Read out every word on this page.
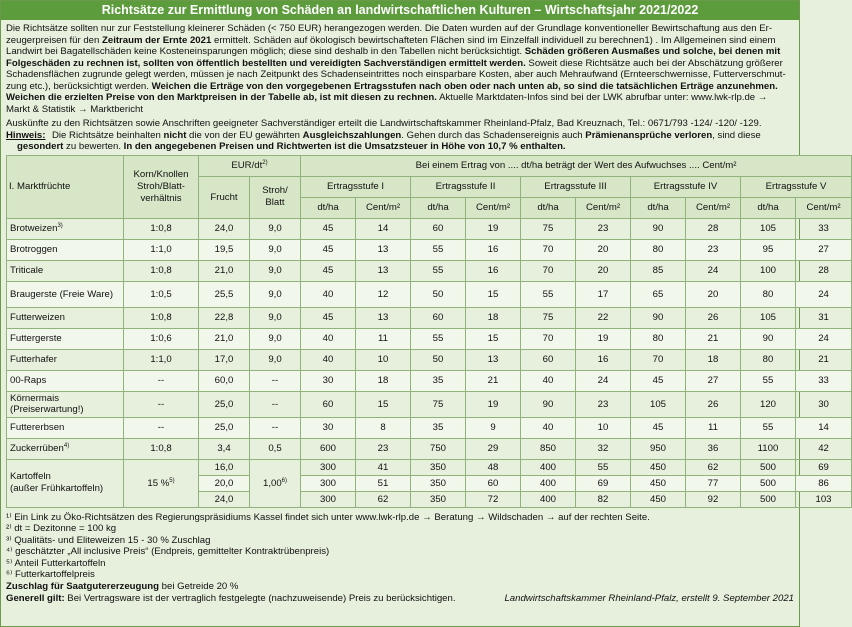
Richtsätze zur Ermittlung von Schäden an landwirtschaftlichen Kulturen – Wirtschaftsjahr 2021/2022
Die Richtsätze sollten nur zur Feststellung kleinerer Schäden (< 750 EUR) herangezogen werden. Die Daten wurden auf der Grundlage konventioneller Bewirtschaftung aus den Er-
zeugerpreisen für den Zeitraum der Ernte 2021 ermittelt. Schäden auf ökologisch bewirtschafteten Flächen sind im Einzelfall individuell zu berechnen1) . Im Allgemeinen sind einem
Landwirt bei Bagatellschäden keine Kosteneinsparungen möglich; diese sind deshalb in den Tabellen nicht berücksichtigt. Schäden größeren Ausmaßes und solche, bei denen mit
Folgeschäden zu rechnen ist, sollten von öffentlich bestellten und vereidigten Sachverständigen ermittelt werden. Soweit diese Richtsätze auch bei der Abschätzung größerer
Schadensflächen zugrunde gelegt werden, müssen je nach Zeitpunkt des Schadenseintrittes noch einsparbare Kosten, aber auch Mehraufwand (Ernteerschwernisse, Futterverschmut-
zung etc.), berücksichtigt werden. Weichen die Erträge von den vorgegebenen Ertragsstufen nach oben oder nach unten ab, so sind die tatsächlichen Erträge anzunehmen.
Weichen die erzielten Preise von den Marktpreisen in der Tabelle ab, ist mit diesen zu rechnen. Aktuelle Marktdaten-Infos sind bei der LWK abrufbar unter: www.lwk-rlp.de →
Markt & Statistik → Marktbericht
Auskünfte zu den Richtsätzen sowie Anschriften geeigneter Sachverständiger erteilt die Landwirtschaftskammer Rheinland-Pfalz, Bad Kreuznach, Tel.: 0671/793 -124/ -120/ -129.
Hinweis: Die Richtsätze beinhalten nicht die von der EU gewährten Ausgleichszahlungen. Gehen durch das Schadensereignis auch Prämienansprüche verloren, sind diese
gesondert zu bewerten. In den angegebenen Preisen und Richtwerten ist die Umsatzsteuer in Höhe von 10,7 % enthalten.
I. Marktfrüchte	Korn/Knollen Stroh/Blatt-verhältnis	EUR/$dt^{2)}$		Bei einem Ertrag von .... dt/ha beträgt der Wert des Aufwuchses .... Cent/m²									
		Frucht	Stroh/ Blatt	Ertragsstufe I		Ertragsstufe II		Ertragsstufe III		Ertragsstufe IV		Ertragsstufe V	
				dt/ha	Cent/m²	dt/ha	Cent/m²	dt/ha	Cent/m²	dt/ha	Cent/m²	dt/ha	Cent/m²
Brotweizen$^{3)}$	1:0,8	24,0	9,0	45	14	60	19	75	23	90	28	105	33
Brotroggen	1:1,0	19,5	9,0	45	13	55	16	70	20	80	23	95	27
Triticale	1:0,8	21,0	9,0	45	13	55	16	70	20	85	24	100	28
Braugerste (Freie Ware)	1:0,5	25,5	9,0	40	12	50	15	55	17	65	20	80	24
Futterweizen	1:0,8	22,8	9,0	45	13	60	18	75	22	90	26	105	31
Futtergerste	1:0,6	21,0	9,0	40	11	55	15	70	19	80	21	90	24
Futterhafer	1:1,0	17,0	9,0	40	10	50	13	60	16	70	18	80	21
00-Raps	--	60,0	--	30	18	35	21	40	24	45	27	55	33
Körnermais (Preiserwartung!)	--	25,0	--	60	15	75	19	90	23	105	26	120	30
Futtererbsen	--	25,0	--	30	8	35	9	40	10	45	11	55	14
Zuckerrüben$^{4)}$	1:0,8	3,4	0,5	600	23	750	29	850	32	950	36	1100	42

Kartoffeln
(außer Frühkartoffeln)	15 %$^{5)}$	16,0	1,00$^{6)}$	300	41	350	48	400	55	450	62	500	69
		20,0		300	51	350	60	400	69	450	77	500	86
		24,0		300	62	350	72	400	82	450	92	500	103
¹⁾ Ein Link zu Öko-Richtsätzen des Regierungspräsidiums Kassel findet sich unter www.lwk-rlp.de → Beratung → Wildschaden → auf der rechten Seite.
²⁾ dt = Dezitonne = 100 kg
³⁾ Qualitäts- und Eliteweizen 15 - 30 % Zuschlag
⁴⁾ geschätzter „All inclusive Preis“ (Endpreis, gemittelter Kontraktrübenpreis)
⁵⁾ Anteil Futterkartoffeln
⁶⁾ Futterkartoffelpreis
Zuschlag für Saatgutererzeugung bei Getreide 20 %
Generell gilt: Bei Vertragsware ist der vertraglich festgelegte (nachzuweisende) Preis zu berücksichtigen.	Landwirtschaftskammer Rheinland-Pfalz, erstellt 9. September 2021
